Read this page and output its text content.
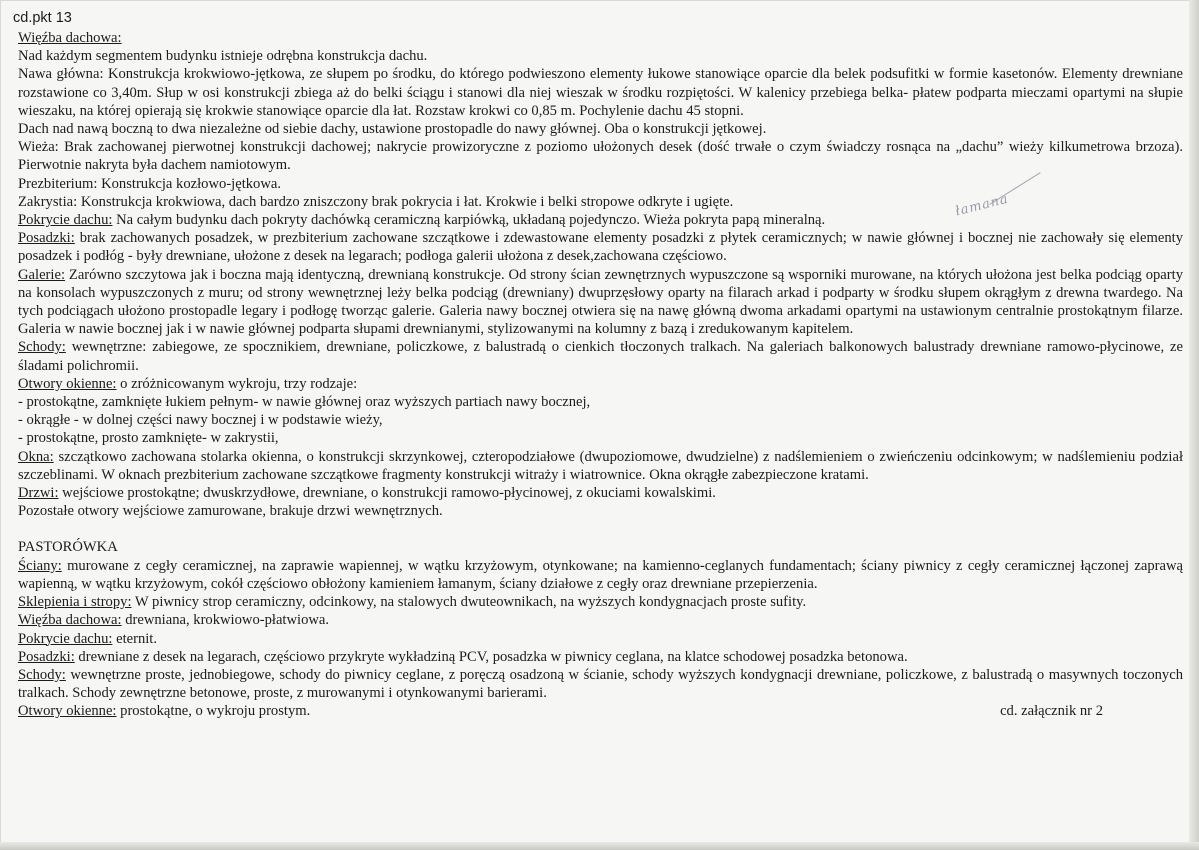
cd.pkt 13
łamana

Więźba dachowa:

Nad każdym segmentem budynku istnieje odrębna konstrukcja dachu.

Nawa główna: Konstrukcja krokwiowo-jętkowa, ze słupem po środku, do którego podwieszono elementy łukowe stanowiące oparcie dla belek podsufitki w formie kasetonów. Elementy drewniane rozstawione co 3,40m. Słup w osi konstrukcji zbiega aż do belki ściągu i stanowi dla niej wieszak w środku rozpiętości. W kalenicy przebiega belka- płatew podparta mieczami opartymi na słupie wieszaku, na której opierają się krokwie stanowiące oparcie dla łat. Rozstaw krokwi co 0,85 m. Pochylenie dachu 45 stopni.

Dach nad nawą boczną to dwa niezależne od siebie dachy, ustawione prostopadle do nawy głównej. Oba o konstrukcji jętkowej.

Wieża: Brak zachowanej pierwotnej konstrukcji dachowej; nakrycie prowizoryczne z poziomo ułożonych desek (dość trwałe o czym świadczy rosnąca na „dachu” wieży kilkumetrowa brzoza). Pierwotnie nakryta była dachem namiotowym.

Prezbiterium: Konstrukcja kozłowo-jętkowa.

Zakrystia: Konstrukcja krokwiowa, dach bardzo zniszczony brak pokrycia i łat. Krokwie i belki stropowe odkryte i ugięte.

Pokrycie dachu: Na całym budynku dach pokryty dachówką ceramiczną karpiówką, układaną pojedynczo. Wieża pokryta papą mineralną.

Posadzki: brak zachowanych posadzek, w prezbiterium zachowane szczątkowe i zdewastowane elementy posadzki z płytek ceramicznych; w nawie głównej i bocznej nie zachowały się elementy posadzek i podłóg - były drewniane, ułożone z desek na legarach; podłoga galerii ułożona z desek,zachowana częściowo.

Galerie: Zarówno szczytowa jak i boczna mają identyczną, drewnianą konstrukcje. Od strony ścian zewnętrznych wypuszczone są wsporniki murowane, na których ułożona jest belka podciąg oparty na konsolach wypuszczonych z muru; od strony wewnętrznej leży belka podciąg (drewniany) dwuprzęsłowy oparty na filarach arkad i podparty w środku słupem okrągłym z drewna twardego. Na tych podciągach ułożono prostopadle legary i podłogę tworząc galerie. Galeria nawy bocznej otwiera się na nawę główną dwoma arkadami opartymi na ustawionym centralnie prostokątnym filarze. Galeria w nawie bocznej jak i w nawie głównej podparta słupami drewnianymi, stylizowanymi na kolumny z bazą i zredukowanym kapitelem.

Schody: wewnętrzne: zabiegowe, ze spocznikiem, drewniane, policzkowe, z balustradą o cienkich tłoczonych tralkach. Na galeriach balkonowych balustrady drewniane ramowo-płycinowe, ze śladami polichromii.

Otwory okienne: o zróżnicowanym wykroju, trzy rodzaje:

- prostokątne, zamknięte łukiem pełnym- w nawie głównej oraz wyższych partiach nawy bocznej,

- okrągłe - w dolnej części nawy bocznej i w podstawie wieży,

- prostokątne, prosto zamknięte- w zakrystii,

Okna: szczątkowo zachowana stolarka okienna, o konstrukcji skrzynkowej, czteropodziałowe (dwupoziomowe, dwudzielne) z nadślemieniem o zwieńczeniu odcinkowym; w nadślemieniu podział szczeblinami. W oknach prezbiterium zachowane szczątkowe fragmenty konstrukcji witraży i wiatrownice. Okna okrągłe zabezpieczone kratami.

Drzwi: wejściowe prostokątne; dwuskrzydłowe, drewniane, o konstrukcji ramowo-płycinowej, z okuciami kowalskimi.

Pozostałe otwory wejściowe zamurowane, brakuje drzwi wewnętrznych.

PASTORÓWKA

Ściany: murowane z cegły ceramicznej, na zaprawie wapiennej, w wątku krzyżowym, otynkowane; na kamienno-ceglanych fundamentach; ściany piwnicy z cegły ceramicznej łączonej zaprawą wapienną, w wątku krzyżowym, cokół częściowo obłożony kamieniem łamanym, ściany działowe z cegły oraz drewniane przepierzenia.

Sklepienia i stropy: W piwnicy strop ceramiczny, odcinkowy, na stalowych dwuteownikach, na wyższych kondygnacjach proste sufity.

Więźba dachowa: drewniana, krokwiowo-płatwiowa.

Pokrycie dachu: eternit.

Posadzki: drewniane z desek na legarach, częściowo przykryte wykładziną PCV, posadzka w piwnicy ceglana, na klatce schodowej posadzka betonowa.

Schody: wewnętrzne proste, jednobiegowe, schody do piwnicy ceglane, z poręczą osadzoną w ścianie, schody wyższych kondygnacji drewniane, policzkowe, z balustradą o masywnych toczonych tralkach. Schody zewnętrzne betonowe, proste, z murowanymi i otynkowanymi barierami.

Otwory okienne: prostokątne, o wykroju prostym.	cd. załącznik nr 2
